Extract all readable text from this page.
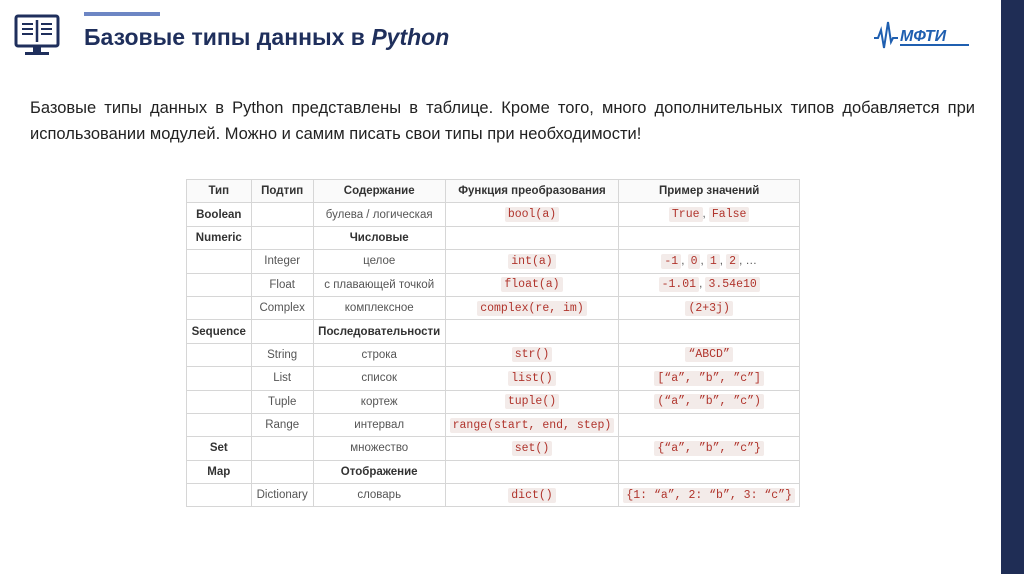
Базовые типы данных в Python	МФТИ
Базовые типы данных в Python представлены в таблице. Кроме того, много дополнительных типов добавляется при использовании модулей. Можно и самим писать свои типы при необходимости!
Тип	Подтип	Содержание	Функция преобразования	Пример значений
Boolean		булева / логическая	bool(a)	True , False
Numeric		Числовые		
	Integer	целое	int(a)	-1 , 0 , 1 , 2 , …
	Float	с плавающей точкой	float(a)	-1.01 , 3.54e10
	Complex	комплексное	complex(re, im)	(2+3j)
Sequence		Последовательности		
	String	строка	str()	“ABCD”
	List	список	list()	[“a”, ”b”, ”c”]
	Tuple	кортеж	tuple()	(“a”, ”b”, ”c”)
	Range	интервал	range(start, end, step)	
Set		множество	set()	{“a”, ”b”, ”c”}
Map		Отображение		
	Dictionary	словарь	dict()	{1: “a”, 2: “b”, 3: “c”}
